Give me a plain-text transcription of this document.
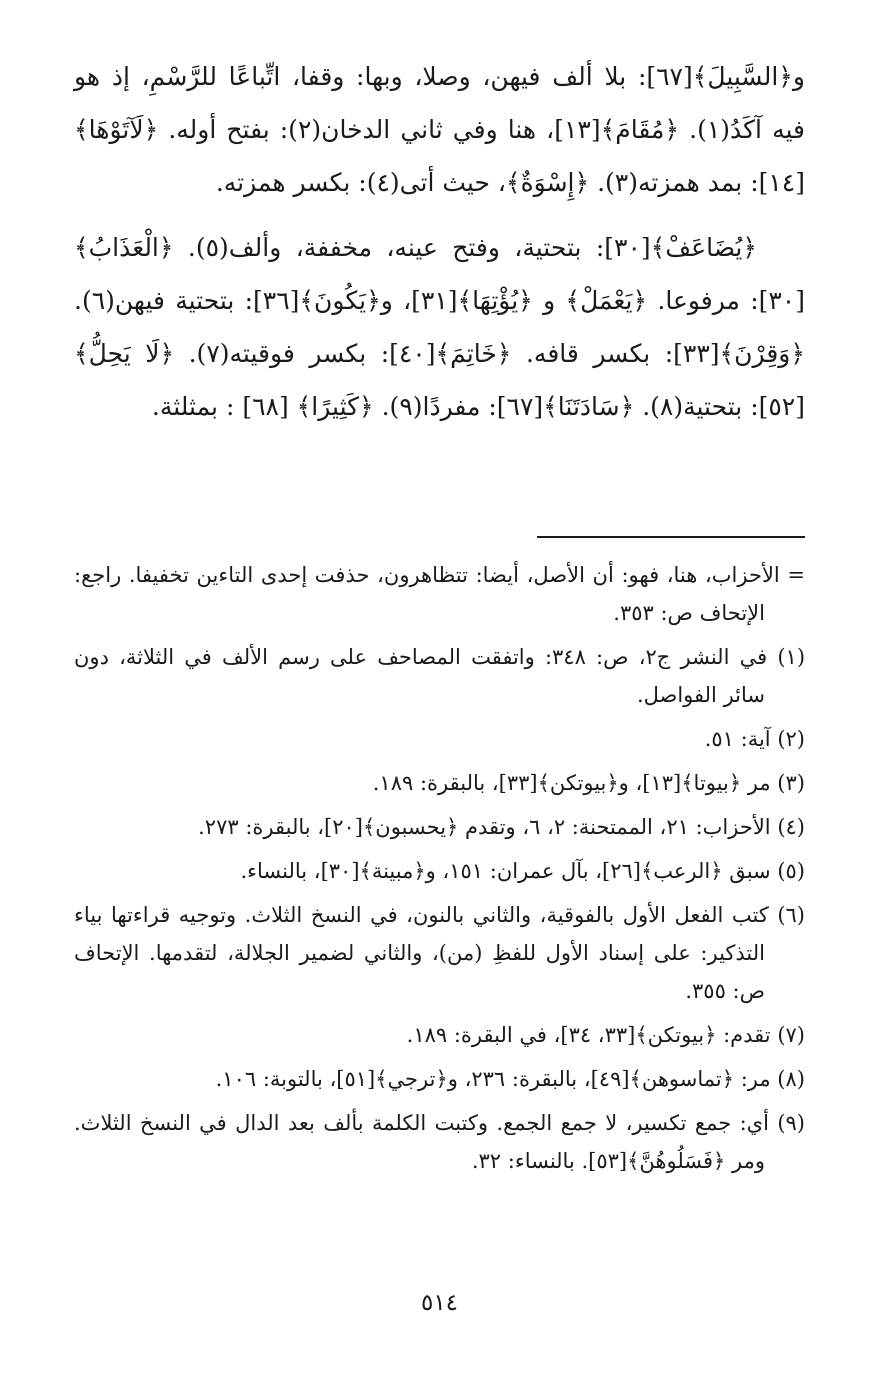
و﴿السَّبِيلَ﴾[٦٧]: بلا ألف فيهن، وصلا، وبها: وقفا، اتِّباعًا للرَّسْمِ، إذ هو فيه آكَدُ(١). ﴿مُقَامَ﴾[١٣]، هنا وفي ثاني الدخان(٢): بفتح أوله. ﴿لَآتَوْهَا﴾[١٤]: بمد همزته(٣). ﴿إِسْوَةٌ﴾، حيث أتى(٤): بكسر همزته.

﴿يُضَاعَفْ﴾[٣٠]: بتحتية، وفتح عينه، مخففة، وألف(٥). ﴿الْعَذَابُ﴾[٣٠]: مرفوعا. ﴿يَعْمَلْ﴾ و ﴿يُؤْتِهَا﴾[٣١]، و﴿يَكُونَ﴾[٣٦]: بتحتية فيهن(٦). ﴿وَقِرْنَ﴾[٣٣]: بكسر قافه. ﴿خَاتِمَ﴾[٤٠]: بكسر فوقيته(٧). ﴿لَا يَحِلُّ﴾[٥٢]: بتحتية(٨). ﴿سَادَتَنَا﴾[٦٧]: مفردًا(٩). ﴿كَثِيرًا﴾ [٦٨] : بمثلثة.

= الأحزاب، هنا، فهو: أن الأصل، أيضا: تتظاهرون، حذفت إحدى التاءين تخفيفا. راجع: الإتحاف ص: ٣٥٣.

(١) في النشر ج٢، ص: ٣٤٨: واتفقت المصاحف على رسم الألف في الثلاثة، دون سائر الفواصل.

(٢) آية: ٥١.

(٣) مر ﴿بيوتا﴾[١٣]، و﴿بيوتكن﴾[٣٣]، بالبقرة: ١٨٩.

(٤) الأحزاب: ٢١، الممتحنة: ٢، ٦، وتقدم ﴿يحسبون﴾[٢٠]، بالبقرة: ٢٧٣.

(٥) سبق ﴿الرعب﴾[٢٦]، بآل عمران: ١٥١، و﴿مبينة﴾[٣٠]، بالنساء.

(٦) كتب الفعل الأول بالفوقية، والثاني بالنون، في النسخ الثلاث. وتوجيه قراءتها بياء التذكير: على إسناد الأول للفظِ (من)، والثاني لضمير الجلالة، لتقدمها. الإتحاف ص: ٣٥٥.

(٧) تقدم: ﴿بيوتكن﴾[٣٣، ٣٤]، في البقرة: ١٨٩.

(٨) مر: ﴿تماسوهن﴾[٤٩]، بالبقرة: ٢٣٦، و﴿ترجي﴾[٥١]، بالتوبة: ١٠٦.

(٩) أي: جمع تكسير، لا جمع الجمع. وكتبت الكلمة بألف بعد الدال في النسخ الثلاث. ومر ﴿فَسَلُوهُنَّ﴾[٥٣]. بالنساء: ٣٢.

٥١٤
